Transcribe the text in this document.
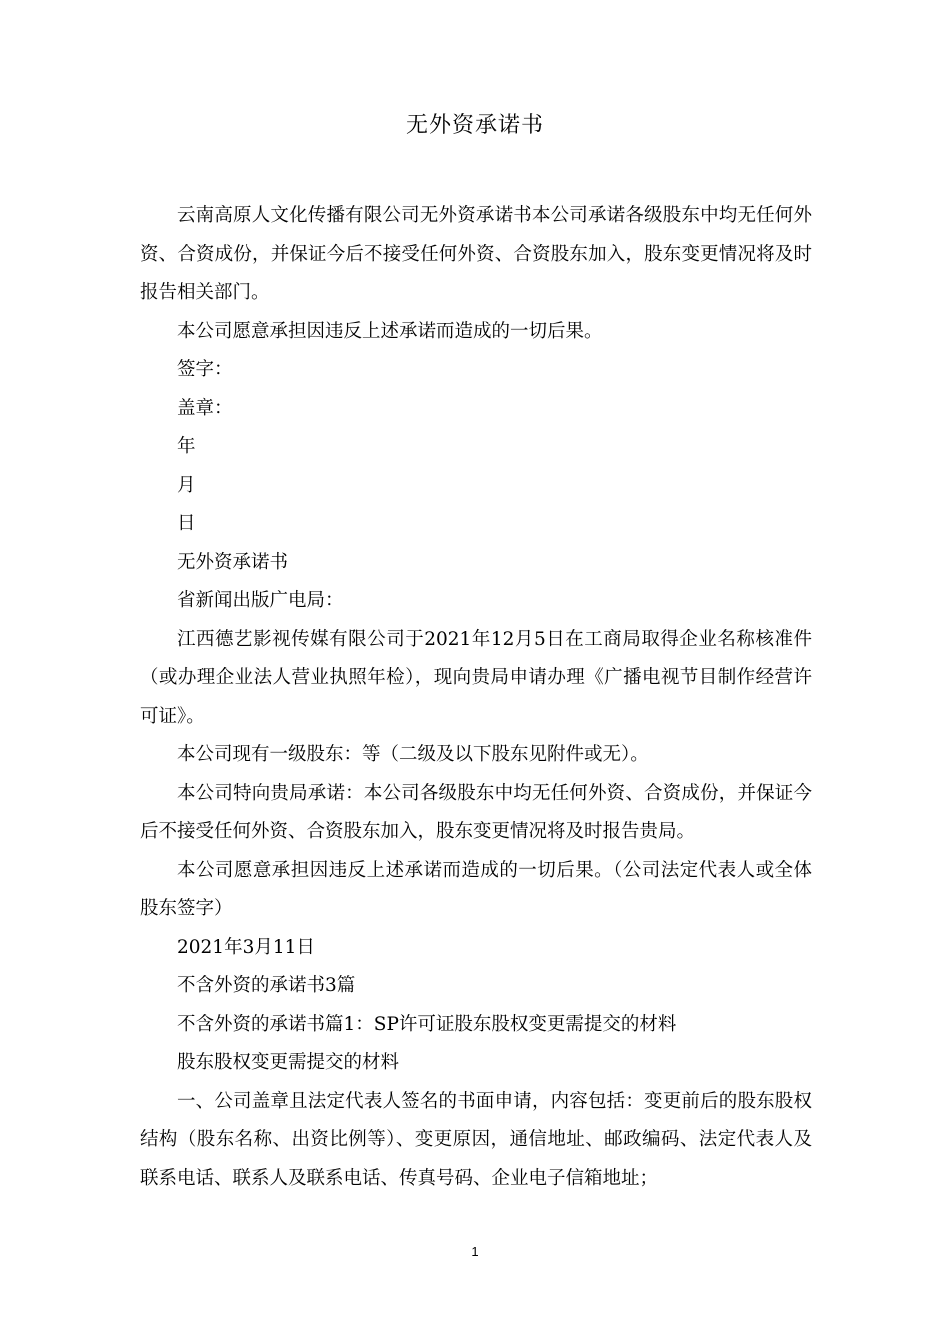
无外资承诺书

云南高原人文化传播有限公司无外资承诺书本公司承诺各级股东中均无任何外资、合资成份，并保证今后不接受任何外资、合资股东加入，股东变更情况将及时报告相关部门。

本公司愿意承担因违反上述承诺而造成的一切后果。

签字：

盖章：

年

月

日

无外资承诺书

省新闻出版广电局：

江西德艺影视传媒有限公司于2021年12月5日在工商局取得企业名称核准件（或办理企业法人营业执照年检），现向贵局申请办理《广播电视节目制作经营许可证》。

本公司现有一级股东：等（二级及以下股东见附件或无）。

本公司特向贵局承诺：本公司各级股东中均无任何外资、合资成份，并保证今后不接受任何外资、合资股东加入，股东变更情况将及时报告贵局。

本公司愿意承担因违反上述承诺而造成的一切后果。（公司法定代表人或全体股东签字）

2021年3月11日

不含外资的承诺书3篇

不含外资的承诺书篇1：SP许可证股东股权变更需提交的材料

股东股权变更需提交的材料

一、公司盖章且法定代表人签名的书面申请，内容包括：变更前后的股东股权结构（股东名称、出资比例等）、变更原因，通信地址、邮政编码、法定代表人及联系电话、联系人及联系电话、传真号码、企业电子信箱地址；

1
